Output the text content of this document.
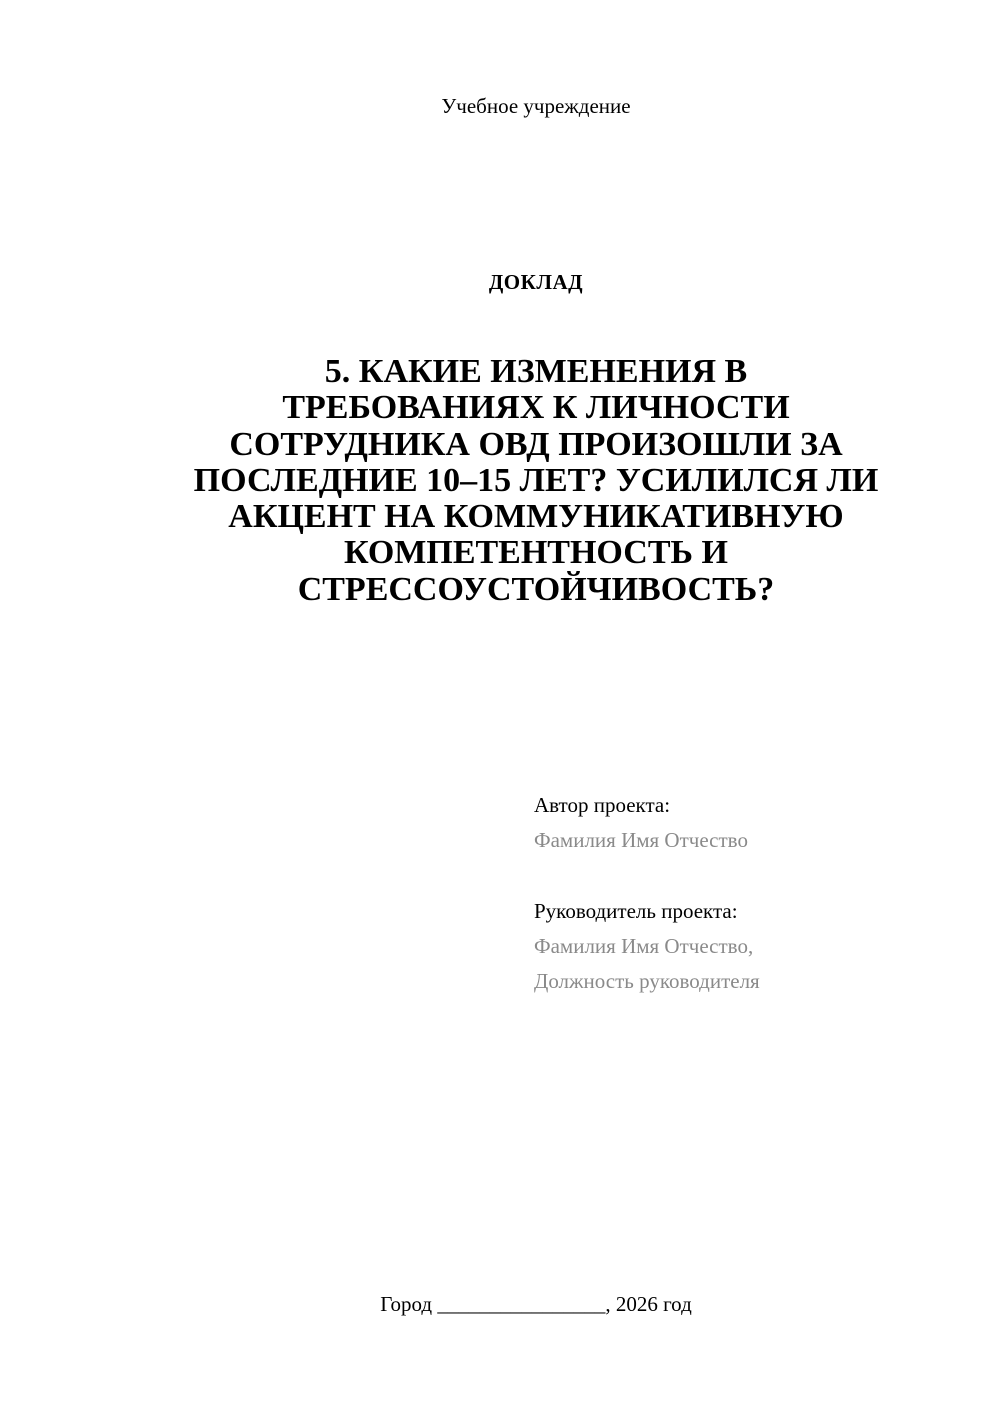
Учебное учреждение
ДОКЛАД
5. КАКИЕ ИЗМЕНЕНИЯ В
ТРЕБОВАНИЯХ К ЛИЧНОСТИ
СОТРУДНИКА ОВД ПРОИЗОШЛИ ЗА
ПОСЛЕДНИЕ 10–15 ЛЕТ? УСИЛИЛСЯ ЛИ
АКЦЕНТ НА КОММУНИКАТИВНУЮ
КОМПЕТЕНТНОСТЬ И
СТРЕССОУСТОЙЧИВОСТЬ?
Автор проекта:
Фамилия Имя Отчество
Руководитель проекта:
Фамилия Имя Отчество,
Должность руководителя
Город ________________, 2026 год
